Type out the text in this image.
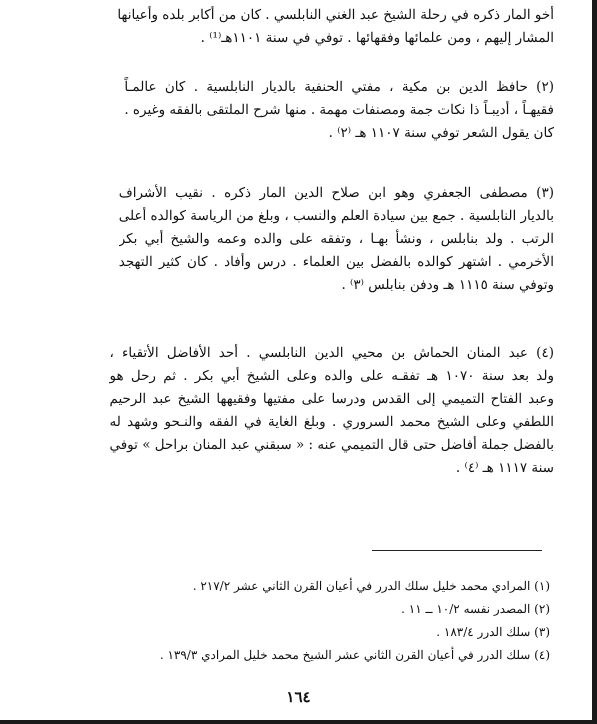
أخو المار ذكره في رحلة الشيخ عبد الغني النابلسي . كان من أكابر بلده وأعيانها
المشار إليهم ، ومن علمائها وفقهائها . توفي في سنة ١١٠١هـ⁽¹⁾ .
(٢) حافظ الدين بن مكية ، مفتي الحنفية بالديار النابلسية . كان عالمـاً
فقيهـاً ، أديبـاً ذا نكات جمة ومصنفات مهمة . منها شرح الملتقى بالفقه وغيره .
كان يقول الشعر توفي سنة ١١٠٧ هـ ⁽٢⁾ .
(٣) مصطفى الجعفري وهو ابن صلاح الدين المار ذكره . نقيب الأشراف
بالديار النابلسية . جمع بين سيادة العلم والنسب ، وبلغ من الرياسة كوالده أعلى
الرتب . ولد بنابلس ، ونشأ بهـا ، وتفقه على والده وعمه والشيخ أبي بكر
الأخرمي . اشتهر كوالده بالفضل بين العلماء . درس وأفاد . كان كثير التهجد
وتوفي سنة ١١١٥ هـ ودفن بنابلس ⁽٣⁾ .
(٤) عبد المنان الحماش بن محيي الدين النابلسي . أحد الأفاضل الأتقياء ،
ولد بعد سنة ١٠٧٠ هـ تفقـه على والده وعلى الشيخ أبي بكر . ثم رحل هو
وعبد الفتاح التميمي إلى القدس ودرسا على مفتيها وفقيهها الشيخ عبد الرحيم
اللطفي وعلى الشيخ محمد السروري . وبلغ الغاية في الفقه والنـحو وشهد له
بالفضل جملة أفاضل حتى قال التميمي عنه : « سبقني عبد المنان براحل » توفي
سنة ١١١٧ هـ ⁽٤⁾ .
(١) المرادي محمد خليل سلك الدرر في أعيان القرن الثاني عشر ٢١٧/٢ .
(٢) المصدر نفسه ١٠/٢ ــ ١١ .
(٣) سلك الدرر ١٨٣/٤ .
(٤) سلك الدرر في أعيان القرن الثاني عشر الشيخ محمد خليل المرادي ١٣٩/٣ .
١٦٤
